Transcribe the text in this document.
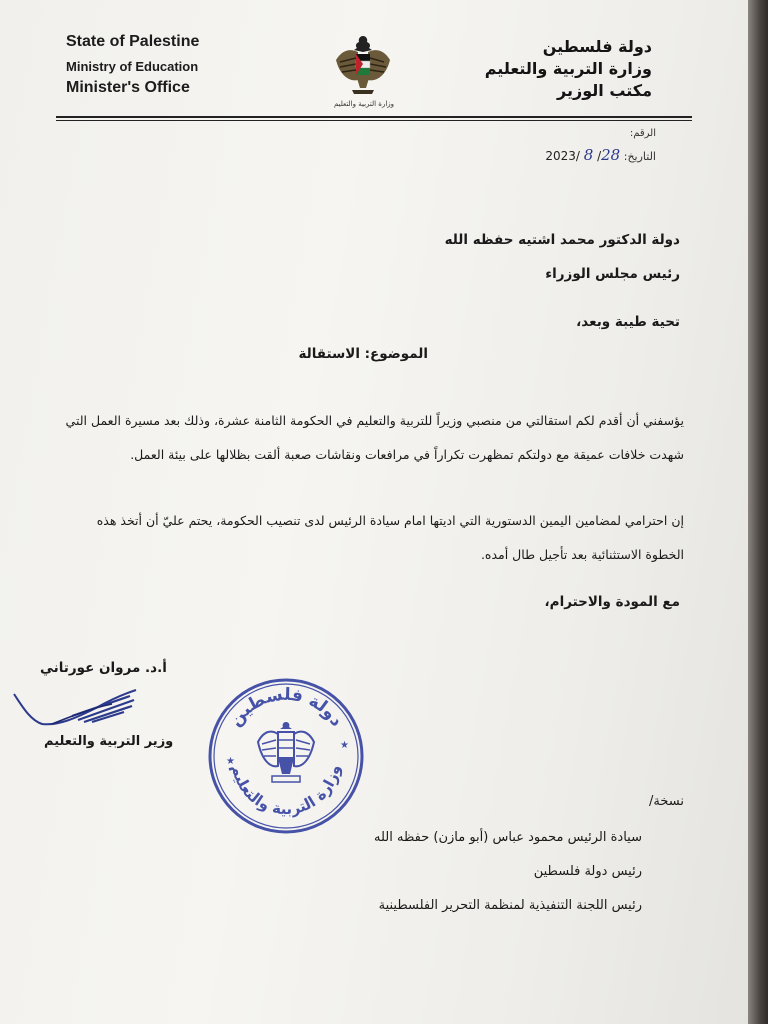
State of Palestine
Ministry of Education
Minister's Office
وزارة التربية والتعليم
دولة فلسطين
وزارة التربية والتعليم
مكتب الوزير
الرقم:
التاريخ: 2023/ 8 /28
دولة الدكتور محمد اشتيه حفظه الله
رئيس مجلس الوزراء
تحية طيبة وبعد،
الموضوع: الاستقالة
يؤسفني أن أقدم لكم استقالتي من منصبي وزيراً للتربية والتعليم في الحكومة الثامنة عشرة، وذلك بعد مسيرة العمل التي
شهدت خلافات عميقة مع دولتكم تمظهرت تكراراً في مرافعات ونقاشات صعبة ألقت بظلالها على بيئة العمل.
إن احترامي لمضامين اليمين الدستورية التي اديتها امام سيادة الرئيس لدى تنصيب الحكومة، يحتم عليّ أن أتخذ هذه
الخطوة الاستثنائية بعد تأجيل طال أمده.
مع المودة والاحترام،
أ.د. مروان عورتاني
وزير التربية والتعليم
دولة فلسطين
وزارة التربية والتعليم
★
★
نسخة/
سيادة الرئيس محمود عباس (أبو مازن) حفظه الله
رئيس دولة فلسطين
رئيس اللجنة التنفيذية لمنظمة التحرير الفلسطينية
